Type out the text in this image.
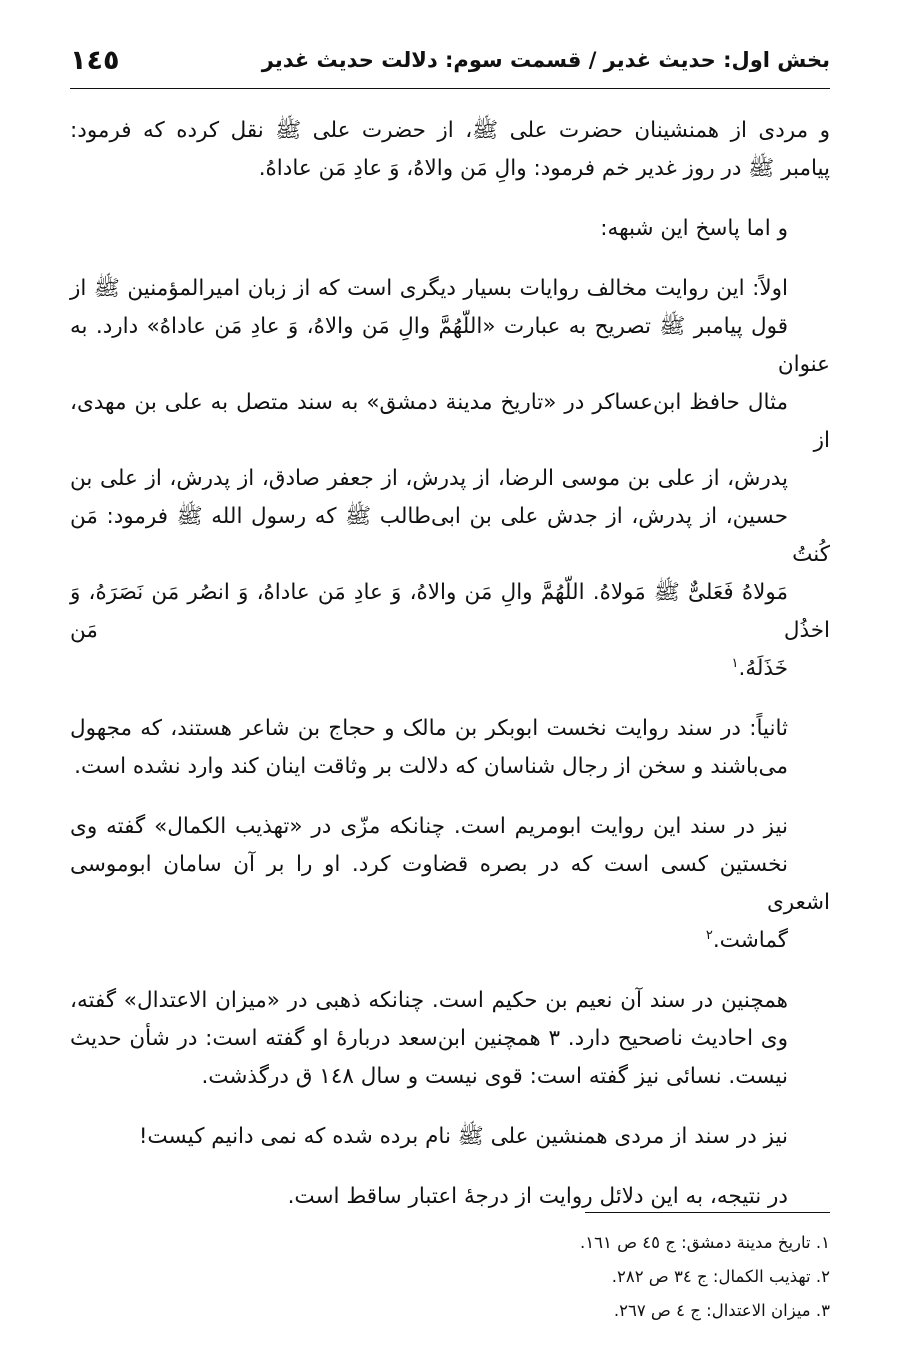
بخش اول: حدیث غدیر / قسمت سوم: دلالت حدیث غدیر
١٤٥
و مردی از همنشینان حضرت علی ﷺ، از حضرت علی ﷺ نقل کرده که فرمود:
پیامبر ﷺ در روز غدیر خم فرمود: والِ مَن والاهُ، وَ عادِ مَن عاداهُ.
و اما پاسخ این شبهه:
اولاً: این روایت مخالف روایات بسیار دیگری است که از زبان امیرالمؤمنین ﷺ از
قول پیامبر ﷺ تصریح به عبارت «اللّهُمَّ والِ مَن والاهُ، وَ عادِ مَن عاداهُ» دارد. به عنوان
مثال حافظ ابن‌عساکر در «تاریخ مدینة دمشق» به سند متصل به علی بن مهدی، از
پدرش، از علی بن موسی الرضا، از پدرش، از جعفر صادق، از پدرش، از علی بن
حسین، از پدرش، از جدش علی بن ابی‌طالب ﷺ که رسول الله ﷺ فرمود: مَن کُنتُ
مَولاهُ فَعَلیٌّ ﷺ مَولاهُ. اللّهُمَّ والِ مَن والاهُ، وَ عادِ مَن عاداهُ، وَ انصُر مَن نَصَرَهُ، وَ اخذُل مَن
خَذَلَهُ.$^١$
ثانیاً: در سند روایت نخست ابوبکر بن مالک و حجاج بن شاعر هستند، که مجهول
می‌باشند و سخن از رجال شناسان که دلالت بر وثاقت اینان کند وارد نشده است.
نیز در سند این روایت ابومریم است. چنانکه مزّی در «تهذیب الکمال» گفته وی
نخستین کسی است که در بصره قضاوت کرد. او را بر آن سامان ابوموسی اشعری
گماشت.$^٢$
همچنین در سند آن نعیم بن حکیم است. چنانکه ذهبی در «میزان الاعتدال» گفته،
وی احادیث ناصحیح دارد. ٣ همچنین ابن‌سعد دربارهٔ او گفته است: در شأن حدیث
نیست. نسائی نیز گفته است: قوی نیست و سال ١٤٨ ق درگذشت.
نیز در سند از مردی همنشین علی ﷺ نام برده شده که نمی دانیم کیست!
در نتیجه، به این دلائل روایت از درجهٔ اعتبار ساقط است.
١. تاریخ مدینة دمشق: ج ٤٥ ص ١٦١.
٢. تهذیب الکمال: ج ٣٤ ص ٢٨٢.
٣. میزان الاعتدال: ج ٤ ص ٢٦٧.
